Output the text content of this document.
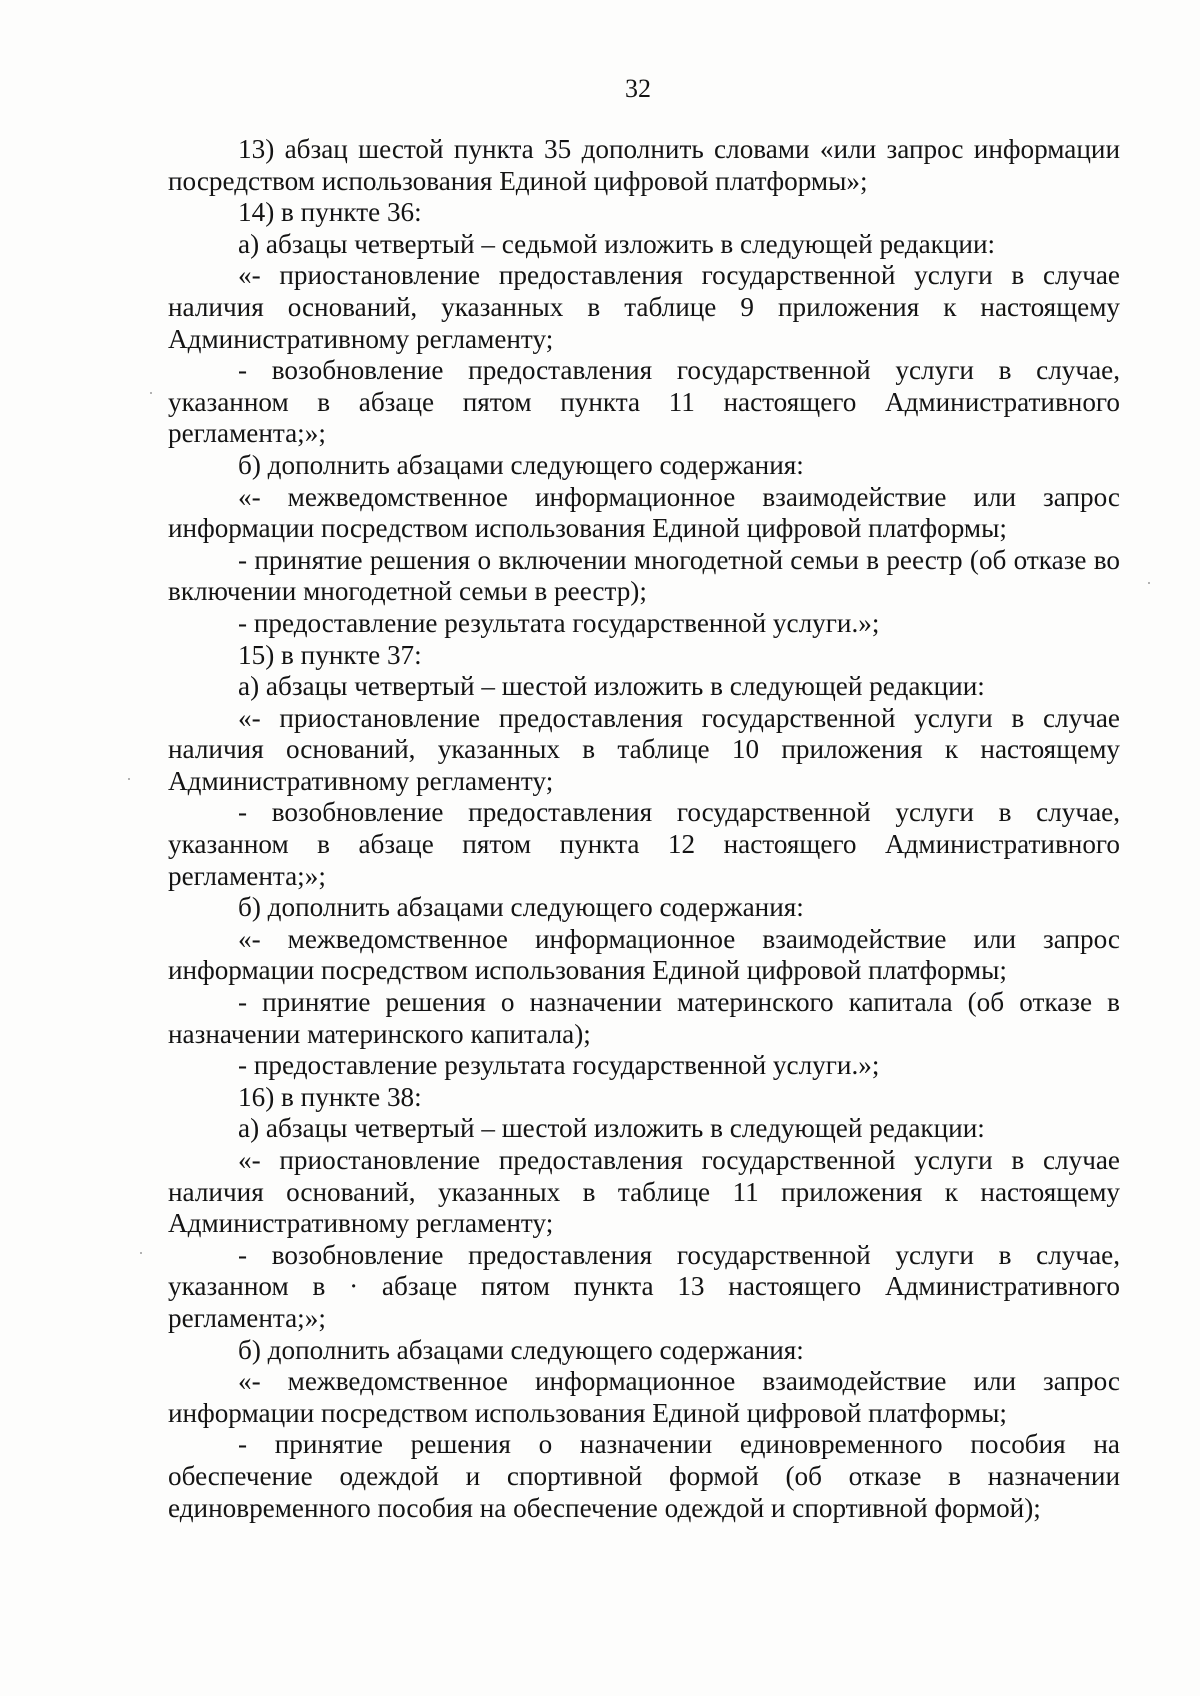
32

13) абзац шестой пункта 35 дополнить словами «или запрос информации посредством использования Единой цифровой платформы»;

14) в пункте 36:

а) абзацы четвертый – седьмой изложить в следующей редакции:

«- приостановление предоставления государственной услуги в случае наличия оснований, указанных в таблице 9 приложения к настоящему Административному регламенту;

- возобновление предоставления государственной услуги в случае, указанном в абзаце пятом пункта 11 настоящего Административного регламента;»;

б) дополнить абзацами следующего содержания:

«- межведомственное информационное взаимодействие или запрос информации посредством использования Единой цифровой платформы;

- принятие решения о включении многодетной семьи в реестр (об отказе во включении многодетной семьи в реестр);

- предоставление результата государственной услуги.»;

15) в пункте 37:

а) абзацы четвертый – шестой изложить в следующей редакции:

«- приостановление предоставления государственной услуги в случае наличия оснований, указанных в таблице 10 приложения к настоящему Административному регламенту;

- возобновление предоставления государственной услуги в случае, указанном в абзаце пятом пункта 12 настоящего Административного регламента;»;

б) дополнить абзацами следующего содержания:

«- межведомственное информационное взаимодействие или запрос информации посредством использования Единой цифровой платформы;

- принятие решения о назначении материнского капитала (об отказе в назначении материнского капитала);

- предоставление результата государственной услуги.»;

16) в пункте 38:

а) абзацы четвертый – шестой изложить в следующей редакции:

«- приостановление предоставления государственной услуги в случае наличия оснований, указанных в таблице 11 приложения к настоящему Административному регламенту;

- возобновление предоставления государственной услуги в случае, указанном в · абзаце пятом пункта 13 настоящего Административного регламента;»;

б) дополнить абзацами следующего содержания:

«- межведомственное информационное взаимодействие или запрос информации посредством использования Единой цифровой платформы;

- принятие решения о назначении единовременного пособия на обеспечение одеждой и спортивной формой (об отказе в назначении единовременного пособия на обеспечение одеждой и спортивной формой);
